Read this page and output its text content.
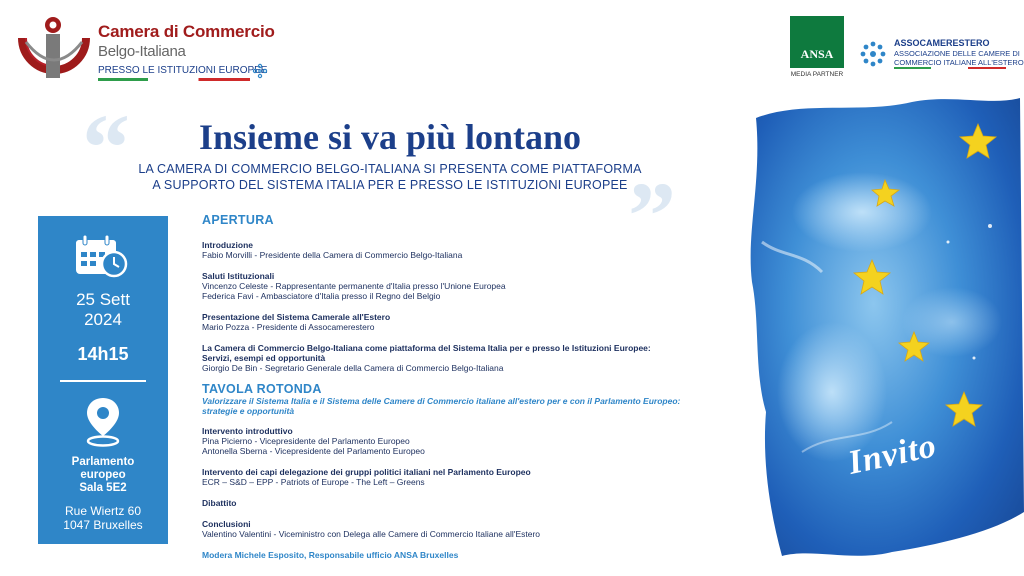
Camera di Commercio
Belgo-Italiana
PRESSO LE ISTITUZIONI EUROPEE
ANSA
MEDIA PARTNER
ASSOCAMERESTERO
ASSOCIAZIONE DELLE CAMERE DI COMMERCIO ITALIANE ALL'ESTERO
“
”
Insieme si va più lontano
LA CAMERA DI COMMERCIO BELGO-ITALIANA SI PRESENTA COME PIATTAFORMA
A SUPPORTO DEL SISTEMA ITALIA PER E PRESSO LE ISTITUZIONI EUROPEE
25 Sett
2024
14h15
Parlamento
europeo
Sala 5E2
Rue Wiertz 60
1047 Bruxelles
APERTURA
Introduzione
Fabio Morvilli - Presidente della Camera di Commercio Belgo-Italiana
Saluti Istituzionali
Vincenzo Celeste - Rappresentante permanente d'Italia presso l'Unione Europea
Federica Favi - Ambasciatore d'Italia presso il Regno del Belgio
Presentazione del Sistema Camerale all'Estero
Mario Pozza - Presidente di Assocamerestero
La Camera di Commercio Belgo-Italiana come piattaforma del Sistema Italia per e presso le Istituzioni Europee:
Servizi, esempi ed opportunità
Giorgio De Bin - Segretario Generale della Camera di Commercio Belgo-Italiana
TAVOLA ROTONDA
Valorizzare il Sistema Italia e il Sistema delle Camere di Commercio italiane all'estero per e con il Parlamento Europeo:
strategie e opportunità
Intervento introduttivo
Pina Picierno - Vicepresidente del Parlamento Europeo
Antonella Sberna - Vicepresidente del Parlamento Europeo
Intervento dei capi delegazione dei gruppi politici italiani nel Parlamento Europeo
ECR – S&D – EPP - Patriots of Europe - The Left – Greens
Dibattito
Conclusioni
Valentino Valentini - Viceministro con Delega alle Camere di Commercio Italiane all'Estero
Modera Michele Esposito, Responsabile ufficio ANSA Bruxelles
Invito
